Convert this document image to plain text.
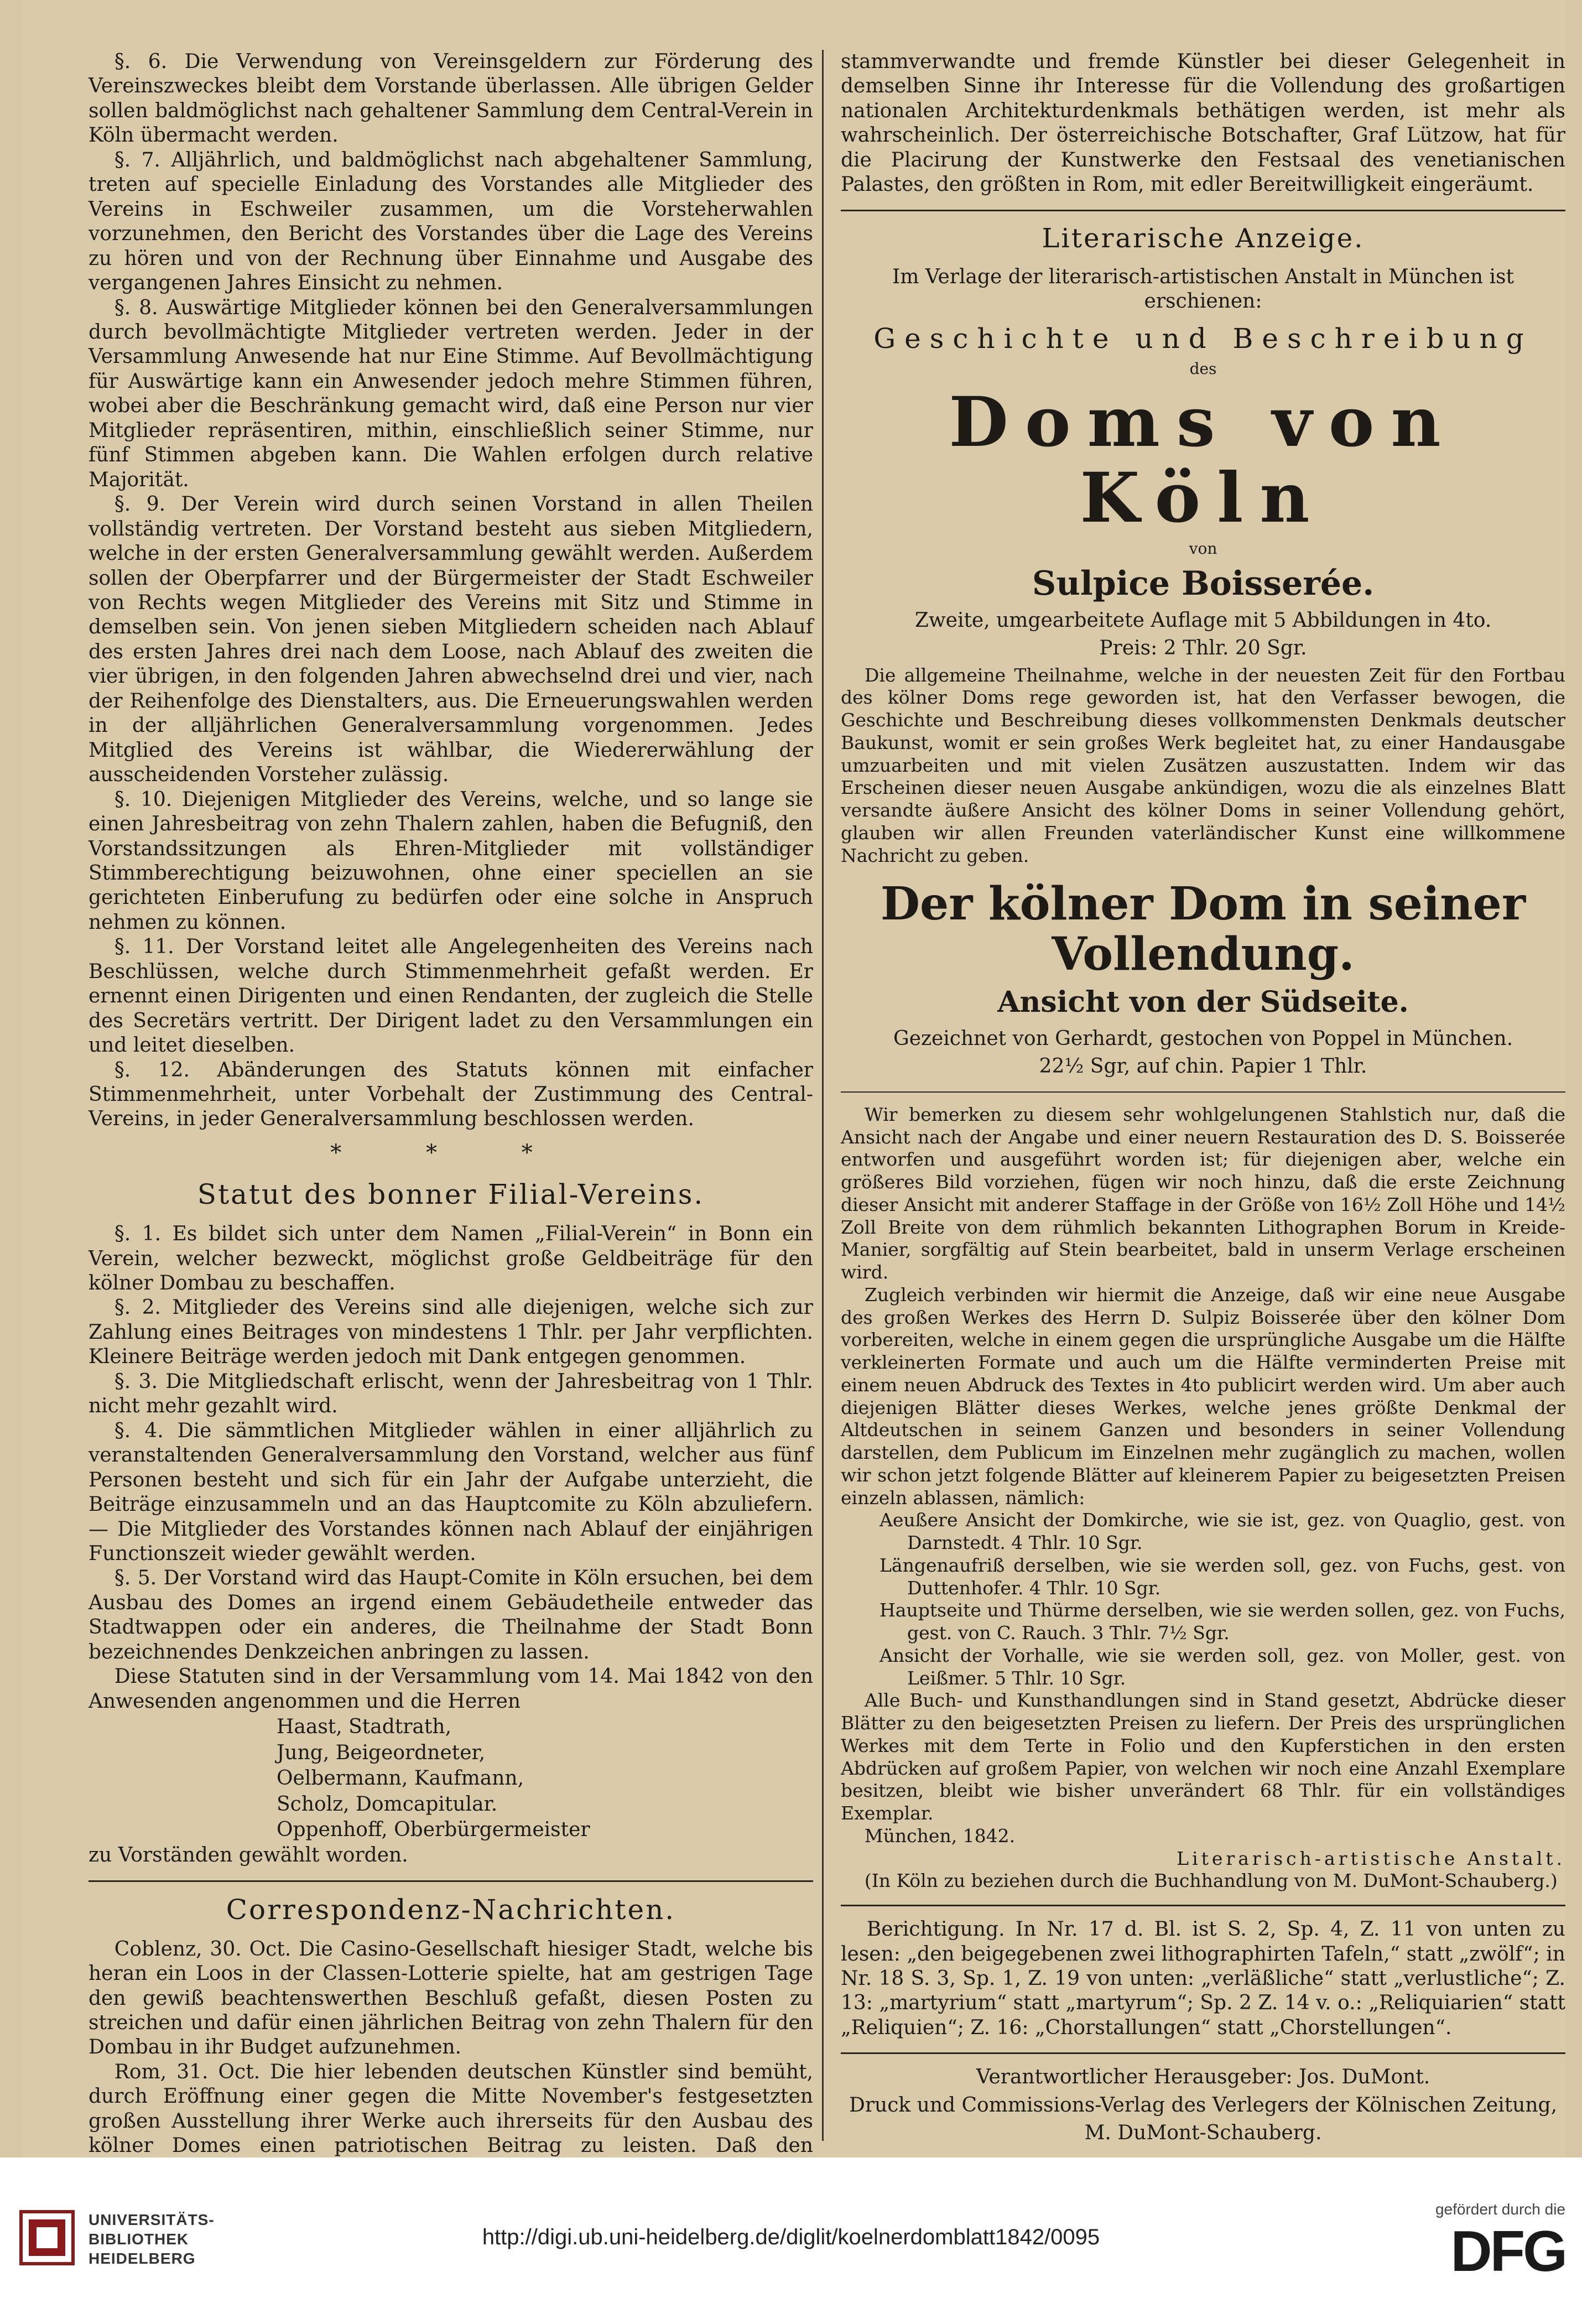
§. 6. Die Verwendung von Vereinsgeldern zur Förderung des Vereinszweckes bleibt dem Vorstande überlassen. Alle übrigen Gelder sollen baldmöglichst nach gehaltener Sammlung dem Central-Verein in Köln übermacht werden.

§. 7. Alljährlich, und baldmöglichst nach abgehaltener Sammlung, treten auf specielle Einladung des Vorstandes alle Mitglieder des Vereins in Eschweiler zusammen, um die Vorsteherwahlen vorzunehmen, den Bericht des Vorstandes über die Lage des Vereins zu hören und von der Rechnung über Einnahme und Ausgabe des vergangenen Jahres Einsicht zu nehmen.

§. 8. Auswärtige Mitglieder können bei den Generalversammlungen durch bevollmächtigte Mitglieder vertreten werden. Jeder in der Versammlung Anwesende hat nur Eine Stimme. Auf Bevollmächtigung für Auswärtige kann ein Anwesender jedoch mehre Stimmen führen, wobei aber die Beschränkung gemacht wird, daß eine Person nur vier Mitglieder repräsentiren, mithin, einschließlich seiner Stimme, nur fünf Stimmen abgeben kann. Die Wahlen erfolgen durch relative Majorität.

§. 9. Der Verein wird durch seinen Vorstand in allen Theilen vollständig vertreten. Der Vorstand besteht aus sieben Mitgliedern, welche in der ersten Generalversammlung gewählt werden. Außerdem sollen der Oberpfarrer und der Bürgermeister der Stadt Eschweiler von Rechts wegen Mitglieder des Vereins mit Sitz und Stimme in demselben sein. Von jenen sieben Mitgliedern scheiden nach Ablauf des ersten Jahres drei nach dem Loose, nach Ablauf des zweiten die vier übrigen, in den folgenden Jahren abwechselnd drei und vier, nach der Reihenfolge des Dienstalters, aus. Die Erneuerungswahlen werden in der alljährlichen Generalversammlung vorgenommen. Jedes Mitglied des Vereins ist wählbar, die Wiedererwählung der ausscheidenden Vorsteher zulässig.

§. 10. Diejenigen Mitglieder des Vereins, welche, und so lange sie einen Jahresbeitrag von zehn Thalern zahlen, haben die Befugniß, den Vorstandssitzungen als Ehren-Mitglieder mit vollständiger Stimmberechtigung beizuwohnen, ohne einer speciellen an sie gerichteten Einberufung zu bedürfen oder eine solche in Anspruch nehmen zu können.

§. 11. Der Vorstand leitet alle Angelegenheiten des Vereins nach Beschlüssen, welche durch Stimmenmehrheit gefaßt werden. Er ernennt einen Dirigenten und einen Rendanten, der zugleich die Stelle des Secretärs vertritt. Der Dirigent ladet zu den Versammlungen ein und leitet dieselben.

§. 12. Abänderungen des Statuts können mit einfacher Stimmenmehrheit, unter Vorbehalt der Zustimmung des Central-Vereins, in jeder Generalversammlung beschlossen werden.

* * *
Statut des bonner Filial-Vereins.

§. 1. Es bildet sich unter dem Namen „Filial-Verein“ in Bonn ein Verein, welcher bezweckt, möglichst große Geldbeiträge für den kölner Dombau zu beschaffen.

§. 2. Mitglieder des Vereins sind alle diejenigen, welche sich zur Zahlung eines Beitrages von mindestens 1 Thlr. per Jahr verpflichten. Kleinere Beiträge werden jedoch mit Dank entgegen genommen.

§. 3. Die Mitgliedschaft erlischt, wenn der Jahresbeitrag von 1 Thlr. nicht mehr gezahlt wird.

§. 4. Die sämmtlichen Mitglieder wählen in einer alljährlich zu veranstaltenden Generalversammlung den Vorstand, welcher aus fünf Personen besteht und sich für ein Jahr der Aufgabe unterzieht, die Beiträge einzusammeln und an das Hauptcomite zu Köln abzuliefern. — Die Mitglieder des Vorstandes können nach Ablauf der einjährigen Functionszeit wieder gewählt werden.

§. 5. Der Vorstand wird das Haupt-Comite in Köln ersuchen, bei dem Ausbau des Domes an irgend einem Gebäudetheile entweder das Stadtwappen oder ein anderes, die Theilnahme der Stadt Bonn bezeichnendes Denkzeichen anbringen zu lassen.

Diese Statuten sind in der Versammlung vom 14. Mai 1842 von den Anwesenden angenommen und die Herren

Haast, Stadtrath,
Jung, Beigeordneter,
Oelbermann, Kaufmann,
Scholz, Domcapitular.
Oppenhoff, Oberbürgermeister

zu Vorständen gewählt worden.

Correspondenz-Nachrichten.

Coblenz, 30. Oct. Die Casino-Gesellschaft hiesiger Stadt, welche bis heran ein Loos in der Classen-Lotterie spielte, hat am gestrigen Tage den gewiß beachtenswerthen Beschluß gefaßt, diesen Posten zu streichen und dafür einen jährlichen Beitrag von zehn Thalern für den Dombau in ihr Budget aufzunehmen.

Rom, 31. Oct. Die hier lebenden deutschen Künstler sind bemüht, durch Eröffnung einer gegen die Mitte November's festgesetzten großen Ausstellung ihrer Werke auch ihrerseits für den Ausbau des kölner Domes einen patriotischen Beitrag zu leisten. Daß den

stammverwandte und fremde Künstler bei dieser Gelegenheit in demselben Sinne ihr Interesse für die Vollendung des großartigen nationalen Architekturdenkmals bethätigen werden, ist mehr als wahrscheinlich. Der österreichische Botschafter, Graf Lützow, hat für die Placirung der Kunstwerke den Festsaal des venetianischen Palastes, den größten in Rom, mit edler Bereitwilligkeit eingeräumt.

Literarische Anzeige.
Im Verlage der literarisch-artistischen Anstalt in München ist erschienen:
Geschichte und Beschreibung
des
Doms von Köln
von
Sulpice Boisserée.
Zweite, umgearbeitete Auflage mit 5 Abbildungen in 4to.
Preis: 2 Thlr. 20 Sgr.

Die allgemeine Theilnahme, welche in der neuesten Zeit für den Fortbau des kölner Doms rege geworden ist, hat den Verfasser bewogen, die Geschichte und Beschreibung dieses vollkommensten Denkmals deutscher Baukunst, womit er sein großes Werk begleitet hat, zu einer Handausgabe umzuarbeiten und mit vielen Zusätzen auszustatten. Indem wir das Erscheinen dieser neuen Ausgabe ankündigen, wozu die als einzelnes Blatt versandte äußere Ansicht des kölner Doms in seiner Vollendung gehört, glauben wir allen Freunden vaterländischer Kunst eine willkommene Nachricht zu geben.

Der kölner Dom in seiner Vollendung.
Ansicht von der Südseite.
Gezeichnet von Gerhardt, gestochen von Poppel in München.
22½ Sgr, auf chin. Papier 1 Thlr.

Wir bemerken zu diesem sehr wohlgelungenen Stahlstich nur, daß die Ansicht nach der Angabe und einer neuern Restauration des D. S. Boisserée entworfen und ausgeführt worden ist; für diejenigen aber, welche ein größeres Bild vorziehen, fügen wir noch hinzu, daß die erste Zeichnung dieser Ansicht mit anderer Staffage in der Größe von 16½ Zoll Höhe und 14½ Zoll Breite von dem rühmlich bekannten Lithographen Borum in Kreide-Manier, sorgfältig auf Stein bearbeitet, bald in unserm Verlage erscheinen wird.

Zugleich verbinden wir hiermit die Anzeige, daß wir eine neue Ausgabe des großen Werkes des Herrn D. Sulpiz Boisserée über den kölner Dom vorbereiten, welche in einem gegen die ursprüngliche Ausgabe um die Hälfte verkleinerten Formate und auch um die Hälfte verminderten Preise mit einem neuen Abdruck des Textes in 4to publicirt werden wird. Um aber auch diejenigen Blätter dieses Werkes, welche jenes größte Denkmal der Altdeutschen in seinem Ganzen und besonders in seiner Vollendung darstellen, dem Publicum im Einzelnen mehr zugänglich zu machen, wollen wir schon jetzt folgende Blätter auf kleinerem Papier zu beigesetzten Preisen einzeln ablassen, nämlich:

Aeußere Ansicht der Domkirche, wie sie ist, gez. von Quaglio, gest. von Darnstedt. 4 Thlr. 10 Sgr.

Längenaufriß derselben, wie sie werden soll, gez. von Fuchs, gest. von Duttenhofer. 4 Thlr. 10 Sgr.

Hauptseite und Thürme derselben, wie sie werden sollen, gez. von Fuchs, gest. von C. Rauch. 3 Thlr. 7½ Sgr.

Ansicht der Vorhalle, wie sie werden soll, gez. von Moller, gest. von Leißmer. 5 Thlr. 10 Sgr.

Alle Buch- und Kunsthandlungen sind in Stand gesetzt, Abdrücke dieser Blätter zu den beigesetzten Preisen zu liefern. Der Preis des ursprünglichen Werkes mit dem Terte in Folio und den Kupferstichen in den ersten Abdrücken auf großem Papier, von welchen wir noch eine Anzahl Exemplare besitzen, bleibt wie bisher unverändert 68 Thlr. für ein vollständiges Exemplar.

München, 1842.

Literarisch-artistische Anstalt.

(In Köln zu beziehen durch die Buchhandlung von M. DuMont-Schauberg.)

Berichtigung. In Nr. 17 d. Bl. ist S. 2, Sp. 4, Z. 11 von unten zu lesen: „den beigegebenen zwei lithographirten Tafeln,“ statt „zwölf“; in Nr. 18 S. 3, Sp. 1, Z. 19 von unten: „verläßliche“ statt „verlustliche“; Z. 13: „martyrium“ statt „martyrum“; Sp. 2 Z. 14 v. o.: „Reliquiarien“ statt „Reliquien“; Z. 16: „Chorstallungen“ statt „Chorstellungen“.

Verantwortlicher Herausgeber: Jos. DuMont.
Druck und Commissions-Verlag des Verlegers der Kölnischen Zeitung,
M. DuMont-Schauberg.
UNIVERSITÄTS-
BIBLIOTHEK
HEIDELBERG
http://digi.ub.uni-heidelberg.de/diglit/koelnerdomblatt1842/0095
gefördert durch die
DFG
